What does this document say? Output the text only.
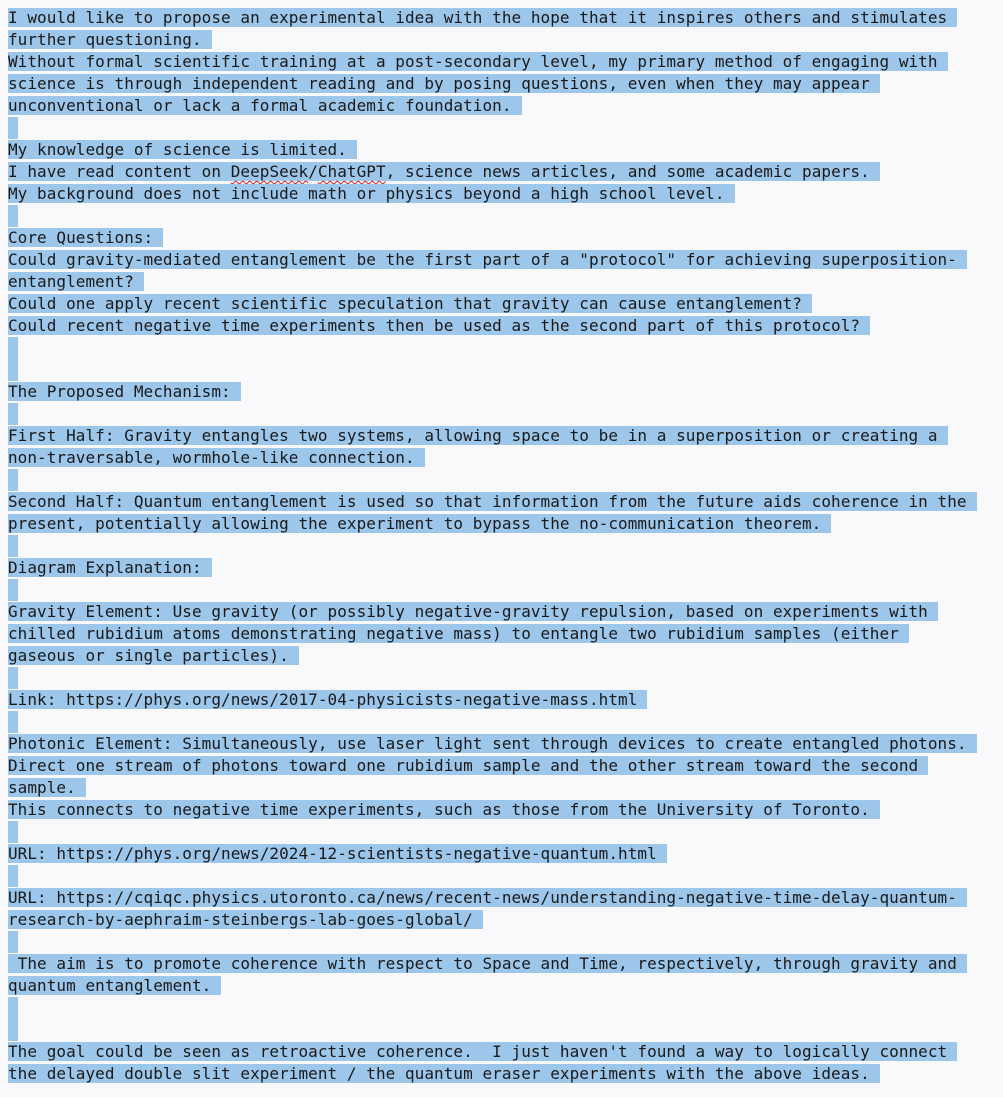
I would like to propose an experimental idea with the hope that it inspires others and stimulates
further questioning.
Without formal scientific training at a post-secondary level, my primary method of engaging with
science is through independent reading and by posing questions, even when they may appear
unconventional or lack a formal academic foundation.
My knowledge of science is limited.
I have read content on DeepSeek/ChatGPT, science news articles, and some academic papers.
My background does not include math or physics beyond a high school level.
Core Questions:
Could gravity-mediated entanglement be the first part of a "protocol" for achieving superposition-
entanglement?
Could one apply recent scientific speculation that gravity can cause entanglement?
Could recent negative time experiments then be used as the second part of this protocol?
The Proposed Mechanism:
First Half: Gravity entangles two systems, allowing space to be in a superposition or creating a
non-traversable, wormhole-like connection.
Second Half: Quantum entanglement is used so that information from the future aids coherence in the
present, potentially allowing the experiment to bypass the no-communication theorem.
Diagram Explanation:
Gravity Element: Use gravity (or possibly negative-gravity repulsion, based on experiments with
chilled rubidium atoms demonstrating negative mass) to entangle two rubidium samples (either
gaseous or single particles).
Link: https://phys.org/news/2017-04-physicists-negative-mass.html
Photonic Element: Simultaneously, use laser light sent through devices to create entangled photons.
Direct one stream of photons toward one rubidium sample and the other stream toward the second
sample.
This connects to negative time experiments, such as those from the University of Toronto.
URL: https://phys.org/news/2024-12-scientists-negative-quantum.html
URL: https://cqiqc.physics.utoronto.ca/news/recent-news/understanding-negative-time-delay-quantum-
research-by-aephraim-steinbergs-lab-goes-global/
The aim is to promote coherence with respect to Space and Time, respectively, through gravity and
quantum entanglement.
The goal could be seen as retroactive coherence.  I just haven't found a way to logically connect
the delayed double slit experiment / the quantum eraser experiments with the above ideas.
